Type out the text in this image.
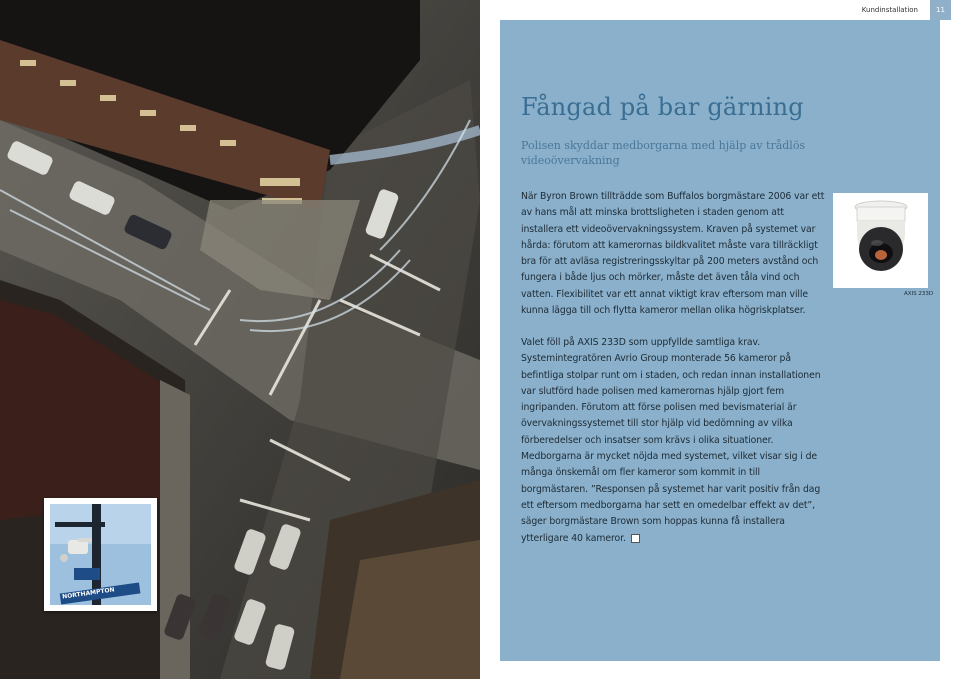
Kundinstallation	11
Fångad på bar gärning

Polisen skyddar medborgarna med hjälp av trådlös videoövervakning

När Byron Brown tillträdde som Buffalos borgmästare 2006 var ett av hans mål att minska brottsligheten i staden genom att installera ett videoövervakningssystem. Kraven på systemet var hårda: förutom att kamerornas bildkvalitet måste vara tillräckligt bra för att avläsa registreringsskyltar på 200 meters avstånd och fungera i både ljus och mörker, måste det även tåla vind och vatten. Flexibilitet var ett annat viktigt krav eftersom man ville kunna lägga till och flytta kameror mellan olika högriskplatser.

Valet föll på AXIS 233D som uppfyllde samtliga krav. Systemintegratören Avrio Group monterade 56 kameror på befintliga stolpar runt om i staden, och redan innan installationen var slutförd hade polisen med kamerornas hjälp gjort fem ingripanden. Förutom att förse polisen med bevismaterial är övervakningssystemet till stor hjälp vid bedömning av vilka förberedelser och insatser som krävs i olika situationer. Medborgarna är mycket nöjda med systemet, vilket visar sig i de många önskemål om fler kameror som kommit in till borgmästaren. ”Responsen på systemet har varit positiv från dag ett eftersom medborgarna har sett en omedelbar effekt av det”, säger borgmästare Brown som hoppas kunna få installera ytterligare 40 kameror.

AXIS 233D
NORTHAMPTON
